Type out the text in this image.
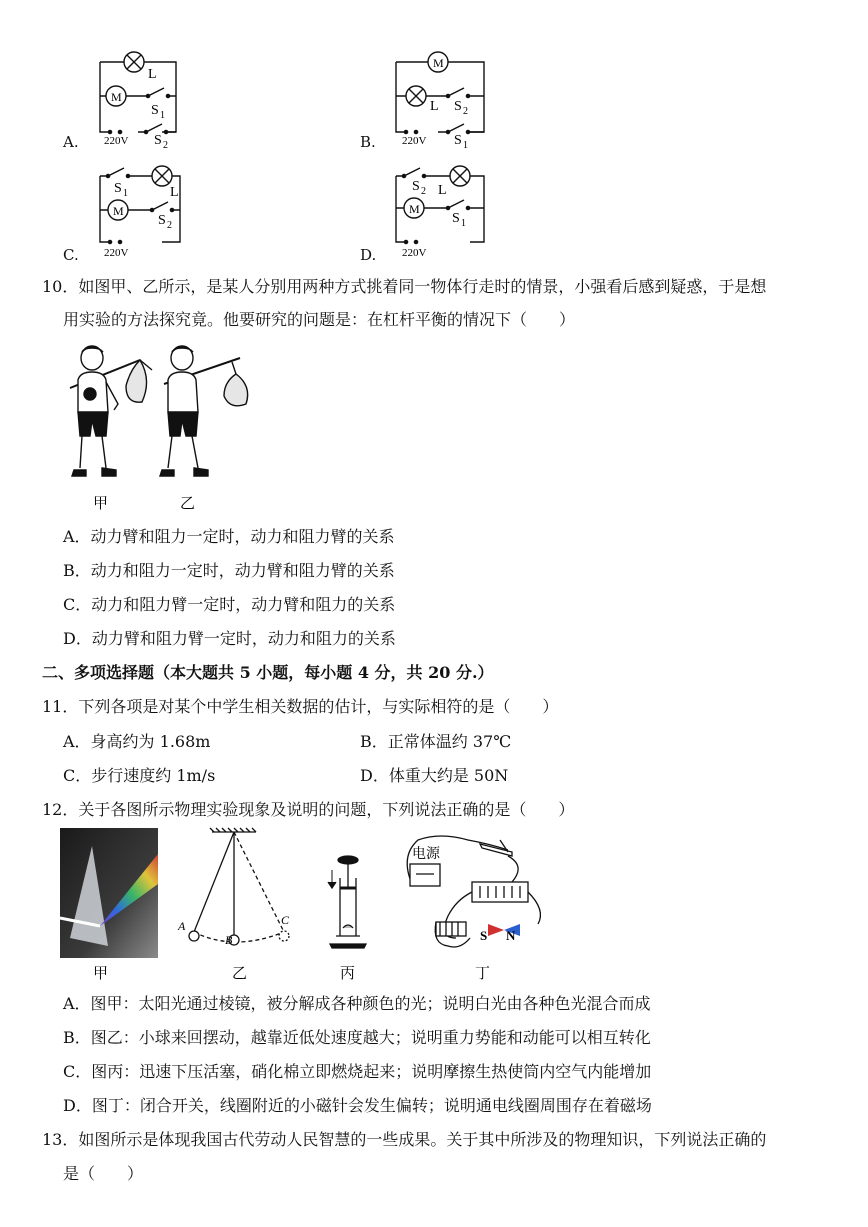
A.
M
L
S 1
S 2
220V	B.
M
L S 2
S 1
220V
C.
M
L
S 1
S 2
220V	D.
M
L
S 2
S 1
220V
10．如图甲、乙所示，是某人分别用两种方式挑着同一物体行走时的情景，小强看后感到疑惑，于是想
用实验的方法探究竟。他要研究的问题是：在杠杆平衡的情况下（　　）
甲	乙
A．动力臂和阻力一定时，动力和阻力臂的关系
B．动力和阻力一定时，动力臂和阻力臂的关系
C．动力和阻力臂一定时，动力臂和阻力的关系
D．动力臂和阻力臂一定时，动力和阻力的关系
二、多项选择题（本大题共 5 小题，每小题 4 分，共 20 分.）
11．下列各项是对某个中学生相关数据的估计，与实际相符的是（　　）
A．身高约为 1.68m	B．正常体温约 37℃
C．步行速度约 1m/s	D．体重大约是 50N
12．关于各图所示物理实验现象及说明的问题，下列说法正确的是（　　）
甲
A
B
C
乙	丙
电源
S N
丁
A．图甲：太阳光通过棱镜，被分解成各种颜色的光；说明白光由各种色光混合而成
B．图乙：小球来回摆动，越靠近低处速度越大；说明重力势能和动能可以相互转化
C．图丙：迅速下压活塞，硝化棉立即燃烧起来；说明摩擦生热使筒内空气内能增加
D．图丁：闭合开关，线圈附近的小磁针会发生偏转；说明通电线圈周围存在着磁场
13．如图所示是体现我国古代劳动人民智慧的一些成果。关于其中所涉及的物理知识，下列说法正确的
是（　　）
